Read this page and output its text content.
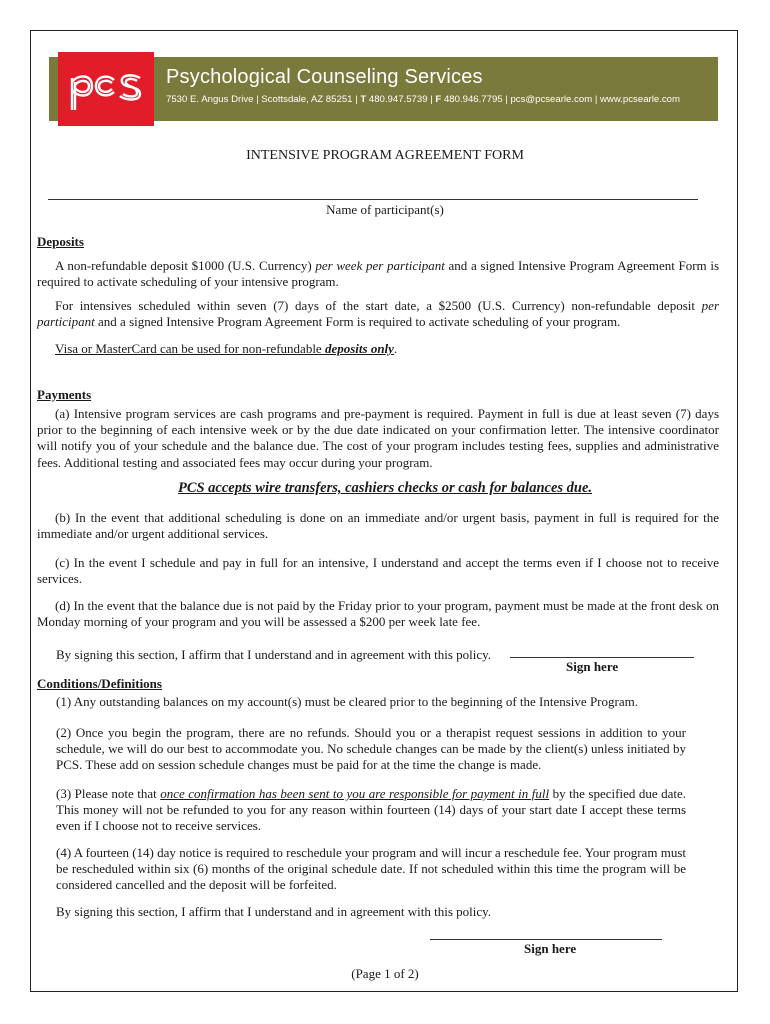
pcs
Psychological Counseling Services
7530 E. Angus Drive | Scottsdale, AZ 85251 | T 480.947.5739 | F 480.946.7795 | pcs@pcsearle.com | www.pcsearle.com
INTENSIVE PROGRAM AGREEMENT FORM
Name of participant(s)
Deposits
A non-refundable deposit $1000 (U.S. Currency) per week per participant and a signed Intensive Program Agreement Form is required to activate scheduling of your intensive program.
For intensives scheduled within seven (7) days of the start date, a $2500 (U.S. Currency) non-refundable deposit per participant and a signed Intensive Program Agreement Form is required to activate scheduling of your program.
Visa or MasterCard can be used for non-refundable deposits only.
Payments
(a) Intensive program services are cash programs and pre-payment is required. Payment in full is due at least seven (7) days prior to the beginning of each intensive week or by the due date indicated on your confirmation letter. The intensive coordinator will notify you of your schedule and the balance due. The cost of your program includes testing fees, supplies and administrative fees. Additional testing and associated fees may occur during your program.
PCS accepts wire transfers, cashiers checks or cash for balances due.
(b) In the event that additional scheduling is done on an immediate and/or urgent basis, payment in full is required for the immediate and/or urgent additional services.
(c) In the event I schedule and pay in full for an intensive, I understand and accept the terms even if I choose not to receive services.
(d) In the event that the balance due is not paid by the Friday prior to your program, payment must be made at the front desk on Monday morning of your program and you will be assessed a $200 per week late fee.
By signing this section, I affirm that I understand and in agreement with this policy.
Sign here
Conditions/Definitions
(1) Any outstanding balances on my account(s) must be cleared prior to the beginning of the Intensive Program.
(2) Once you begin the program, there are no refunds. Should you or a therapist request sessions in addition to your schedule, we will do our best to accommodate you. No schedule changes can be made by the client(s) unless initiated by PCS. These add on session schedule changes must be paid for at the time the change is made.
(3) Please note that once confirmation has been sent to you are responsible for payment in full by the specified due date. This money will not be refunded to you for any reason within fourteen (14) days of your start date I accept these terms even if I choose not to receive services.
(4) A fourteen (14) day notice is required to reschedule your program and will incur a reschedule fee. Your program must be rescheduled within six (6) months of the original schedule date. If not scheduled within this time the program will be considered cancelled and the deposit will be forfeited.
By signing this section, I affirm that I understand and in agreement with this policy.
Sign here
(Page 1 of 2)
